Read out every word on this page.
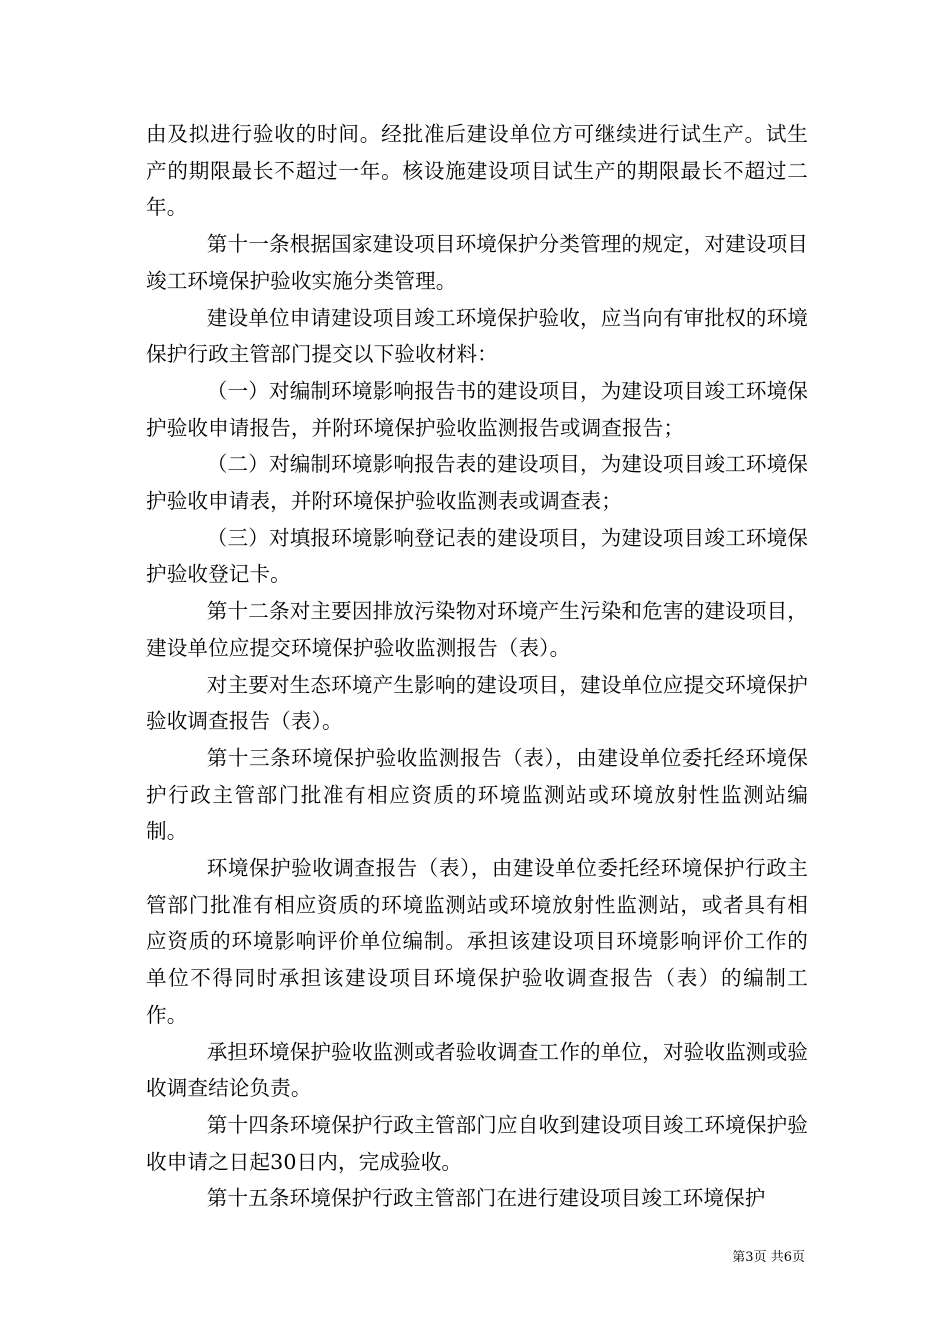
由及拟进行验收的时间。经批准后建设单位方可继续进行试生产。试生产的期限最长不超过一年。核设施建设项目试生产的期限最长不超过二年。

第十一条根据国家建设项目环境保护分类管理的规定，对建设项目竣工环境保护验收实施分类管理。

建设单位申请建设项目竣工环境保护验收，应当向有审批权的环境保护行政主管部门提交以下验收材料：

（一）对编制环境影响报告书的建设项目，为建设项目竣工环境保护验收申请报告，并附环境保护验收监测报告或调查报告；

（二）对编制环境影响报告表的建设项目，为建设项目竣工环境保护验收申请表，并附环境保护验收监测表或调查表；

（三）对填报环境影响登记表的建设项目，为建设项目竣工环境保护验收登记卡。

第十二条对主要因排放污染物对环境产生污染和危害的建设项目，建设单位应提交环境保护验收监测报告（表）。

对主要对生态环境产生影响的建设项目，建设单位应提交环境保护验收调查报告（表）。

第十三条环境保护验收监测报告（表），由建设单位委托经环境保护行政主管部门批准有相应资质的环境监测站或环境放射性监测站编制。

环境保护验收调查报告（表），由建设单位委托经环境保护行政主管部门批准有相应资质的环境监测站或环境放射性监测站，或者具有相应资质的环境影响评价单位编制。承担该建设项目环境影响评价工作的单位不得同时承担该建设项目环境保护验收调查报告（表）的编制工作。

承担环境保护验收监测或者验收调查工作的单位，对验收监测或验收调查结论负责。

第十四条环境保护行政主管部门应自收到建设项目竣工环境保护验收申请之日起30日内，完成验收。

第十五条环境保护行政主管部门在进行建设项目竣工环境保护

第3页 共6页
